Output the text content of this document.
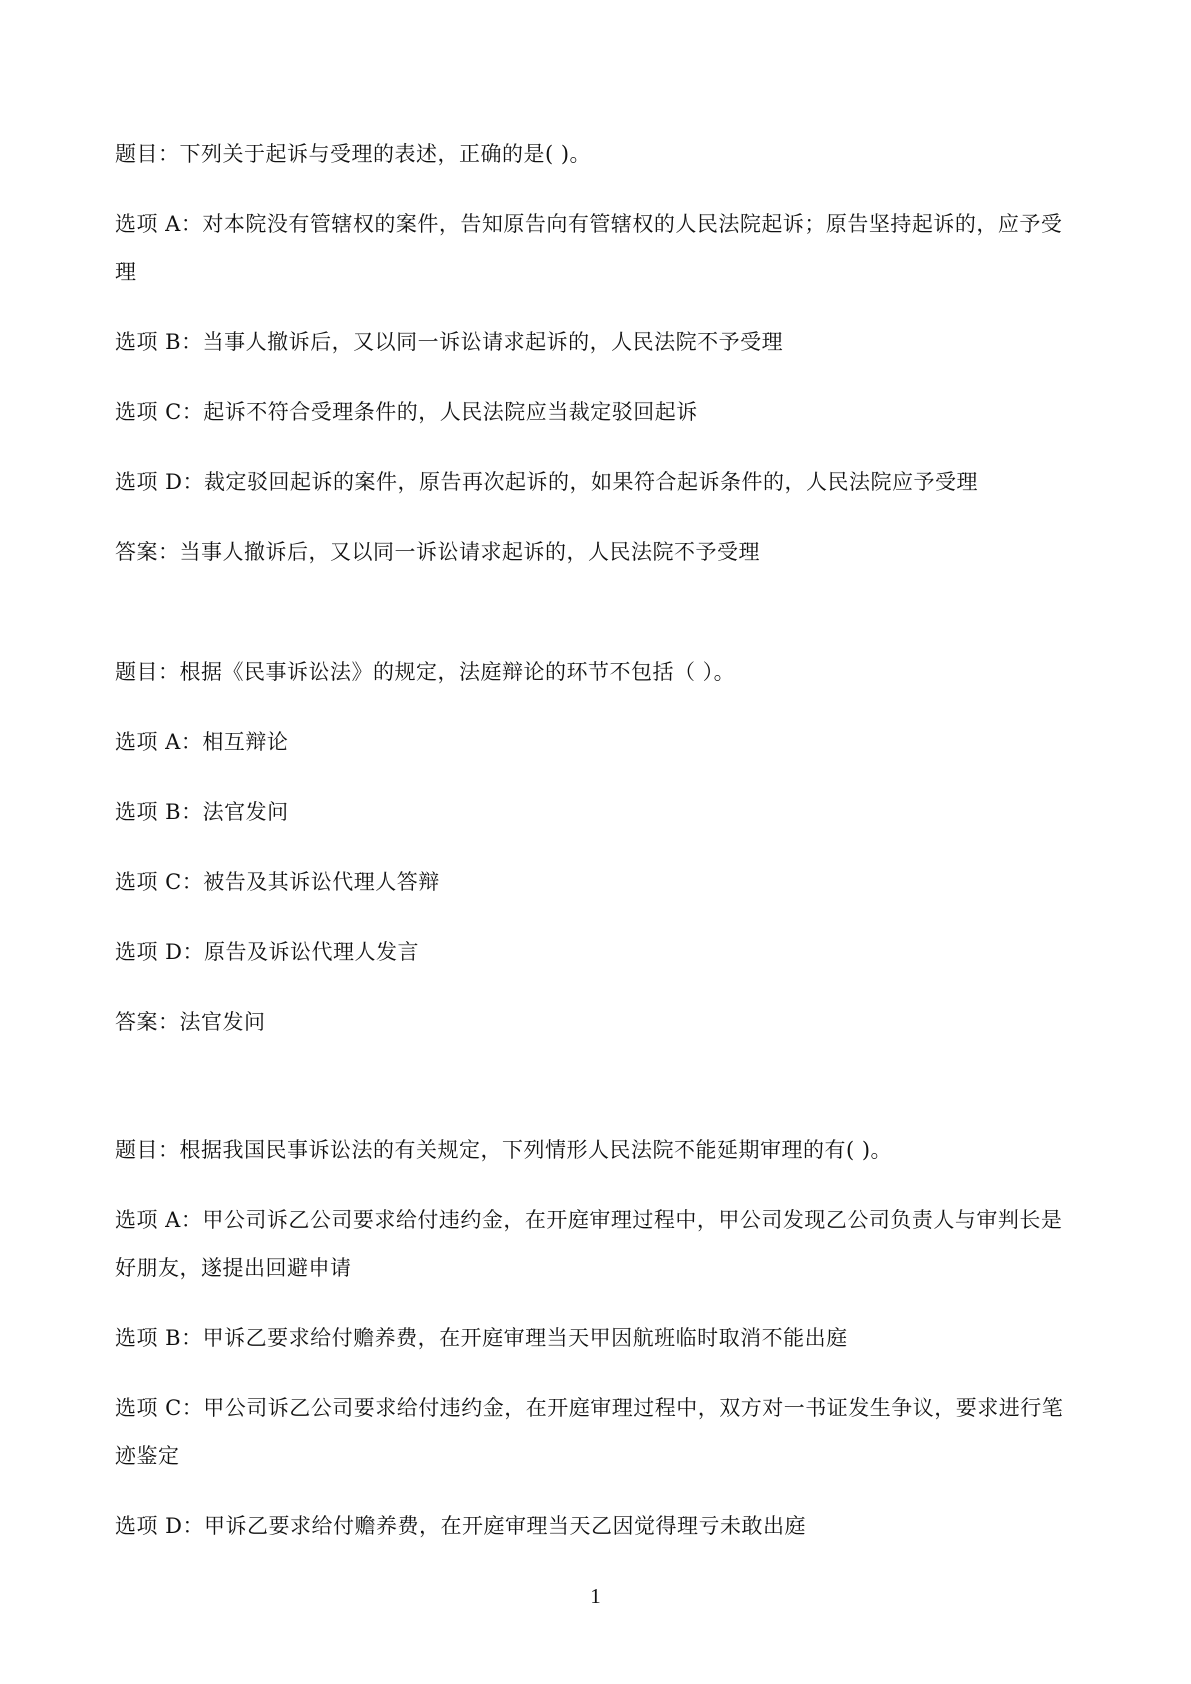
题目：下列关于起诉与受理的表述，正确的是( )。

选项 A：对本院没有管辖权的案件，告知原告向有管辖权的人民法院起诉；原告坚持起诉的，应予受理

选项 B：当事人撤诉后，又以同一诉讼请求起诉的，人民法院不予受理

选项 C：起诉不符合受理条件的，人民法院应当裁定驳回起诉

选项 D：裁定驳回起诉的案件，原告再次起诉的，如果符合起诉条件的，人民法院应予受理

答案：当事人撤诉后，又以同一诉讼请求起诉的，人民法院不予受理

题目：根据《民事诉讼法》的规定，法庭辩论的环节不包括（ ）。

选项 A：相互辩论

选项 B：法官发问

选项 C：被告及其诉讼代理人答辩

选项 D：原告及诉讼代理人发言

答案：法官发问

题目：根据我国民事诉讼法的有关规定，下列情形人民法院不能延期审理的有( )。

选项 A：甲公司诉乙公司要求给付违约金，在开庭审理过程中，甲公司发现乙公司负责人与审判长是好朋友，遂提出回避申请

选项 B：甲诉乙要求给付赡养费，在开庭审理当天甲因航班临时取消不能出庭

选项 C：甲公司诉乙公司要求给付违约金，在开庭审理过程中，双方对一书证发生争议，要求进行笔迹鉴定

选项 D：甲诉乙要求给付赡养费，在开庭审理当天乙因觉得理亏未敢出庭

1
